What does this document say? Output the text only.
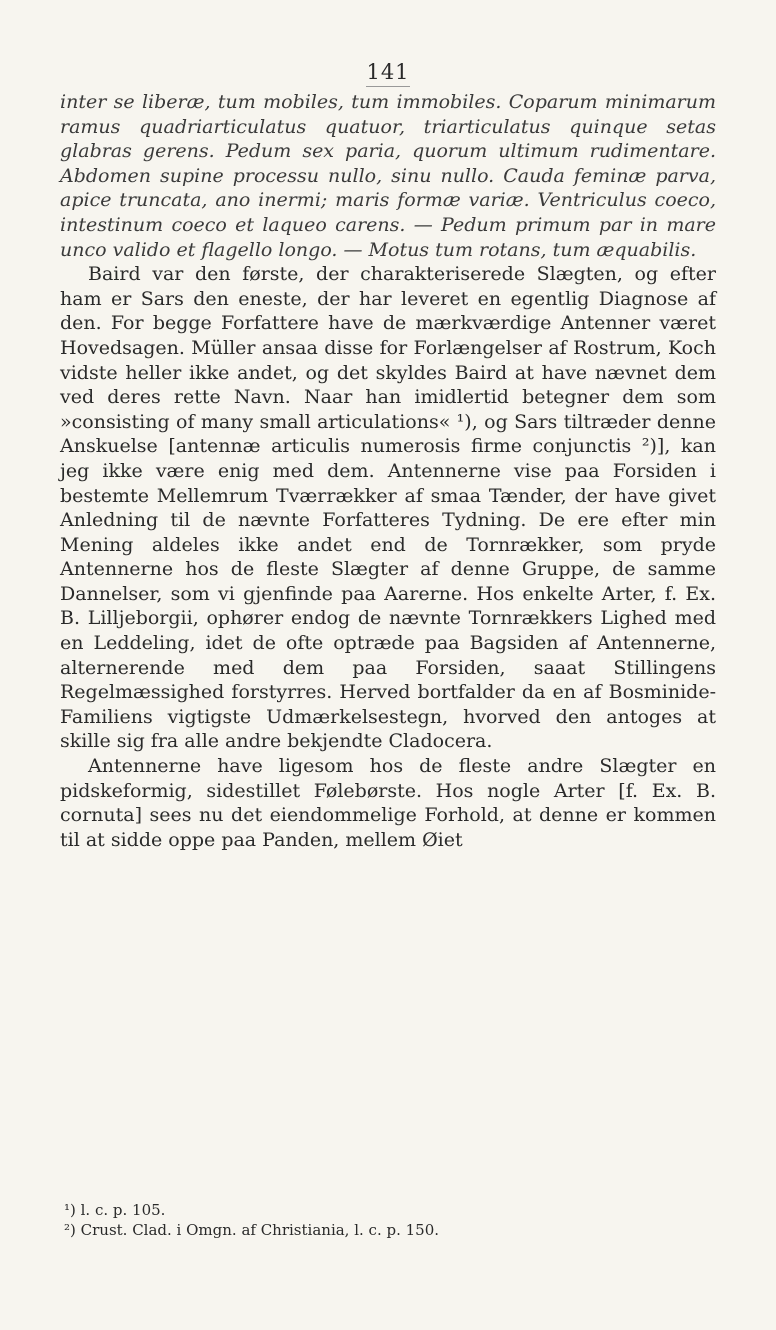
141

inter se liberæ, tum mobiles, tum immobiles. Coparum minimarum ramus quadriarticulatus quatuor, triarticulatus quinque setas glabras gerens. Pedum sex paria, quorum ultimum rudimentare. Abdomen supine processu nullo, sinu nullo. Cauda feminæ parva, apice truncata, ano inermi; maris formæ variæ. Ventriculus coeco, intestinum coeco et laqueo carens. — Pedum primum par in mare unco valido et flagello longo. — Motus tum rotans, tum æquabilis.

Baird var den første, der charakteriserede Slægten, og efter ham er Sars den eneste, der har leveret en egentlig Diagnose af den. For begge Forfattere have de mærkværdige Antenner været Hovedsagen. Müller ansaa disse for Forlængelser af Rostrum, Koch vidste heller ikke andet, og det skyldes Baird at have nævnet dem ved deres rette Navn. Naar han imidlertid betegner dem som »consisting of many small articulations« ¹), og Sars tiltræder denne Anskuelse [antennæ articulis numerosis firme conjunctis ²)], kan jeg ikke være enig med dem. Antennerne vise paa Forsiden i bestemte Mellemrum Tværrækker af smaa Tænder, der have givet Anledning til de nævnte Forfatteres Tydning. De ere efter min Mening aldeles ikke andet end de Tornrækker, som pryde Antennerne hos de fleste Slægter af denne Gruppe, de samme Dannelser, som vi gjenfinde paa Aarerne. Hos enkelte Arter, f. Ex. B. Lilljeborgii, ophører endog de nævnte Tornrækkers Lighed med en Leddeling, idet de ofte optræde paa Bagsiden af Antennerne, alternerende med dem paa Forsiden, saaat Stillingens Regelmæssighed forstyrres. Herved bortfalder da en af Bosminide-Familiens vigtigste Udmærkelsestegn, hvorved den antoges at skille sig fra alle andre bekjendte Cladocera.

Antennerne have ligesom hos de fleste andre Slægter en pidskeformig, sidestillet Følebørste. Hos nogle Arter [f. Ex. B. cornuta] sees nu det eiendommelige Forhold, at denne er kommen til at sidde oppe paa Panden, mellem Øiet

¹) l. c. p. 105.

²) Crust. Clad. i Omgn. af Christiania, l. c. p. 150.
